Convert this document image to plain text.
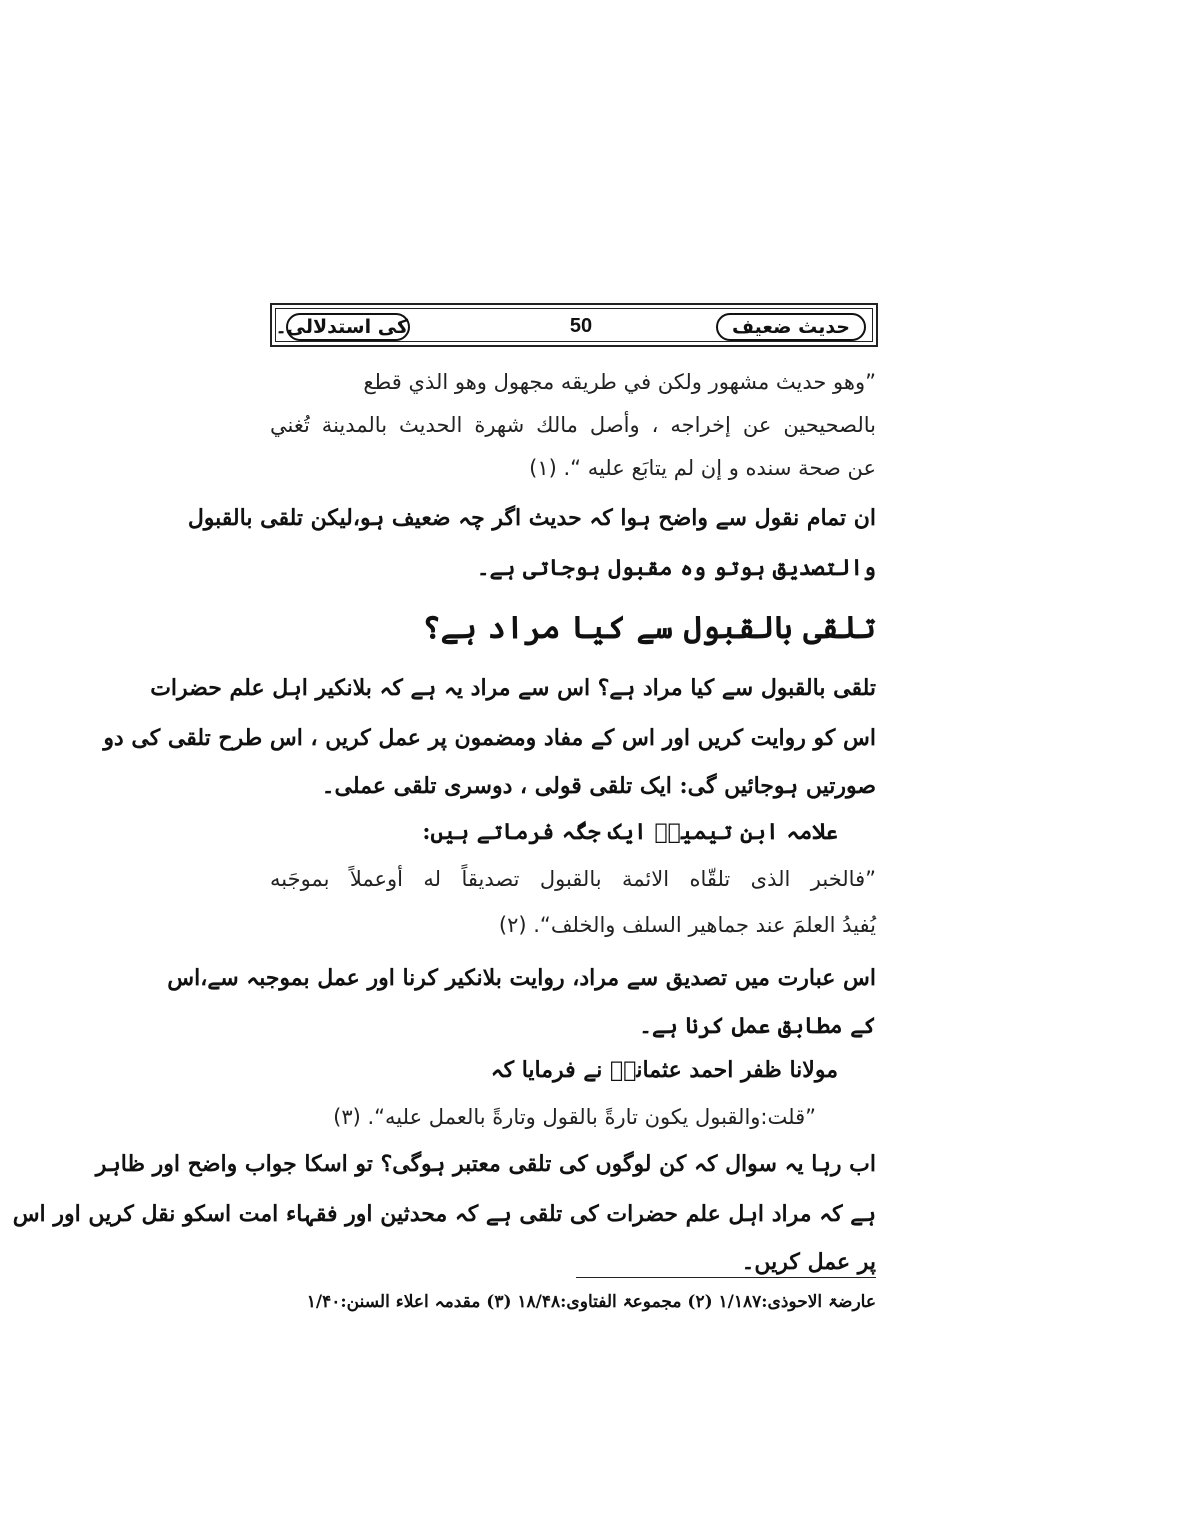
حدیث ضعیف
50
کی استدلالی۔
”وهو حديث مشهور ولكن في طريقه مجهول وهو الذي قطع
بالصحيحين عن إخراجه ، وأصل مالك شهرة الحديث بالمدينة تُغني
عن صحة سنده و إن لم يتابَع عليه “. (١)
ان تمام نقول سے واضح ہوا کہ حدیث اگر چہ ضعیف ہو،لیکن تلقی بالقبول
والتصدیق ہوتو وہ مقبول ہوجاتی ہے۔
تلقی بالقبول سے کیا مراد ہے؟
تلقی بالقبول سے کیا مراد ہے؟ اس سے مراد یہ ہے کہ بلانکیر اہل علم حضرات
اس کو روایت کریں اور اس کے مفاد ومضمون پر عمل کریں ، اس طرح تلقی کی دو
صورتیں ہوجائیں گی: ایک تلقی قولی ، دوسری تلقی عملی۔
علامہ ابن تیمیہؒ ایک جگہ فرماتے ہیں:
”فالخبر الذى تلقّاه الائمة بالقبول تصديقاً له أوعملاً بموجَبه
يُفيدُ العلمَ عند جماهير السلف والخلف“. (٢)
اس عبارت میں تصدیق سے مراد، روایت بلانکیر کرنا اور عمل بموجبہ سے،اس
کے مطابق عمل کرنا ہے۔
مولانا ظفر احمد عثمانیؒ نے فرمایا کہ
”قلت:والقبول يكون تارةً بالقول وتارةً بالعمل عليه“. (٣)
اب رہا یہ سوال کہ کن لوگوں کی تلقی معتبر ہوگی؟ تو اسکا جواب واضح اور ظاہر
ہے کہ مراد اہل علم حضرات کی تلقی ہے کہ محدثین اور فقہاء امت اسکو نقل کریں اور اس
پر عمل کریں۔
عارضۃ الاحوذی:۱/۱۸۷ (۲) مجموعۃ الفتاوی:۱۸/۴۸ (۳) مقدمہ اعلاء السنن:۱/۴۰
